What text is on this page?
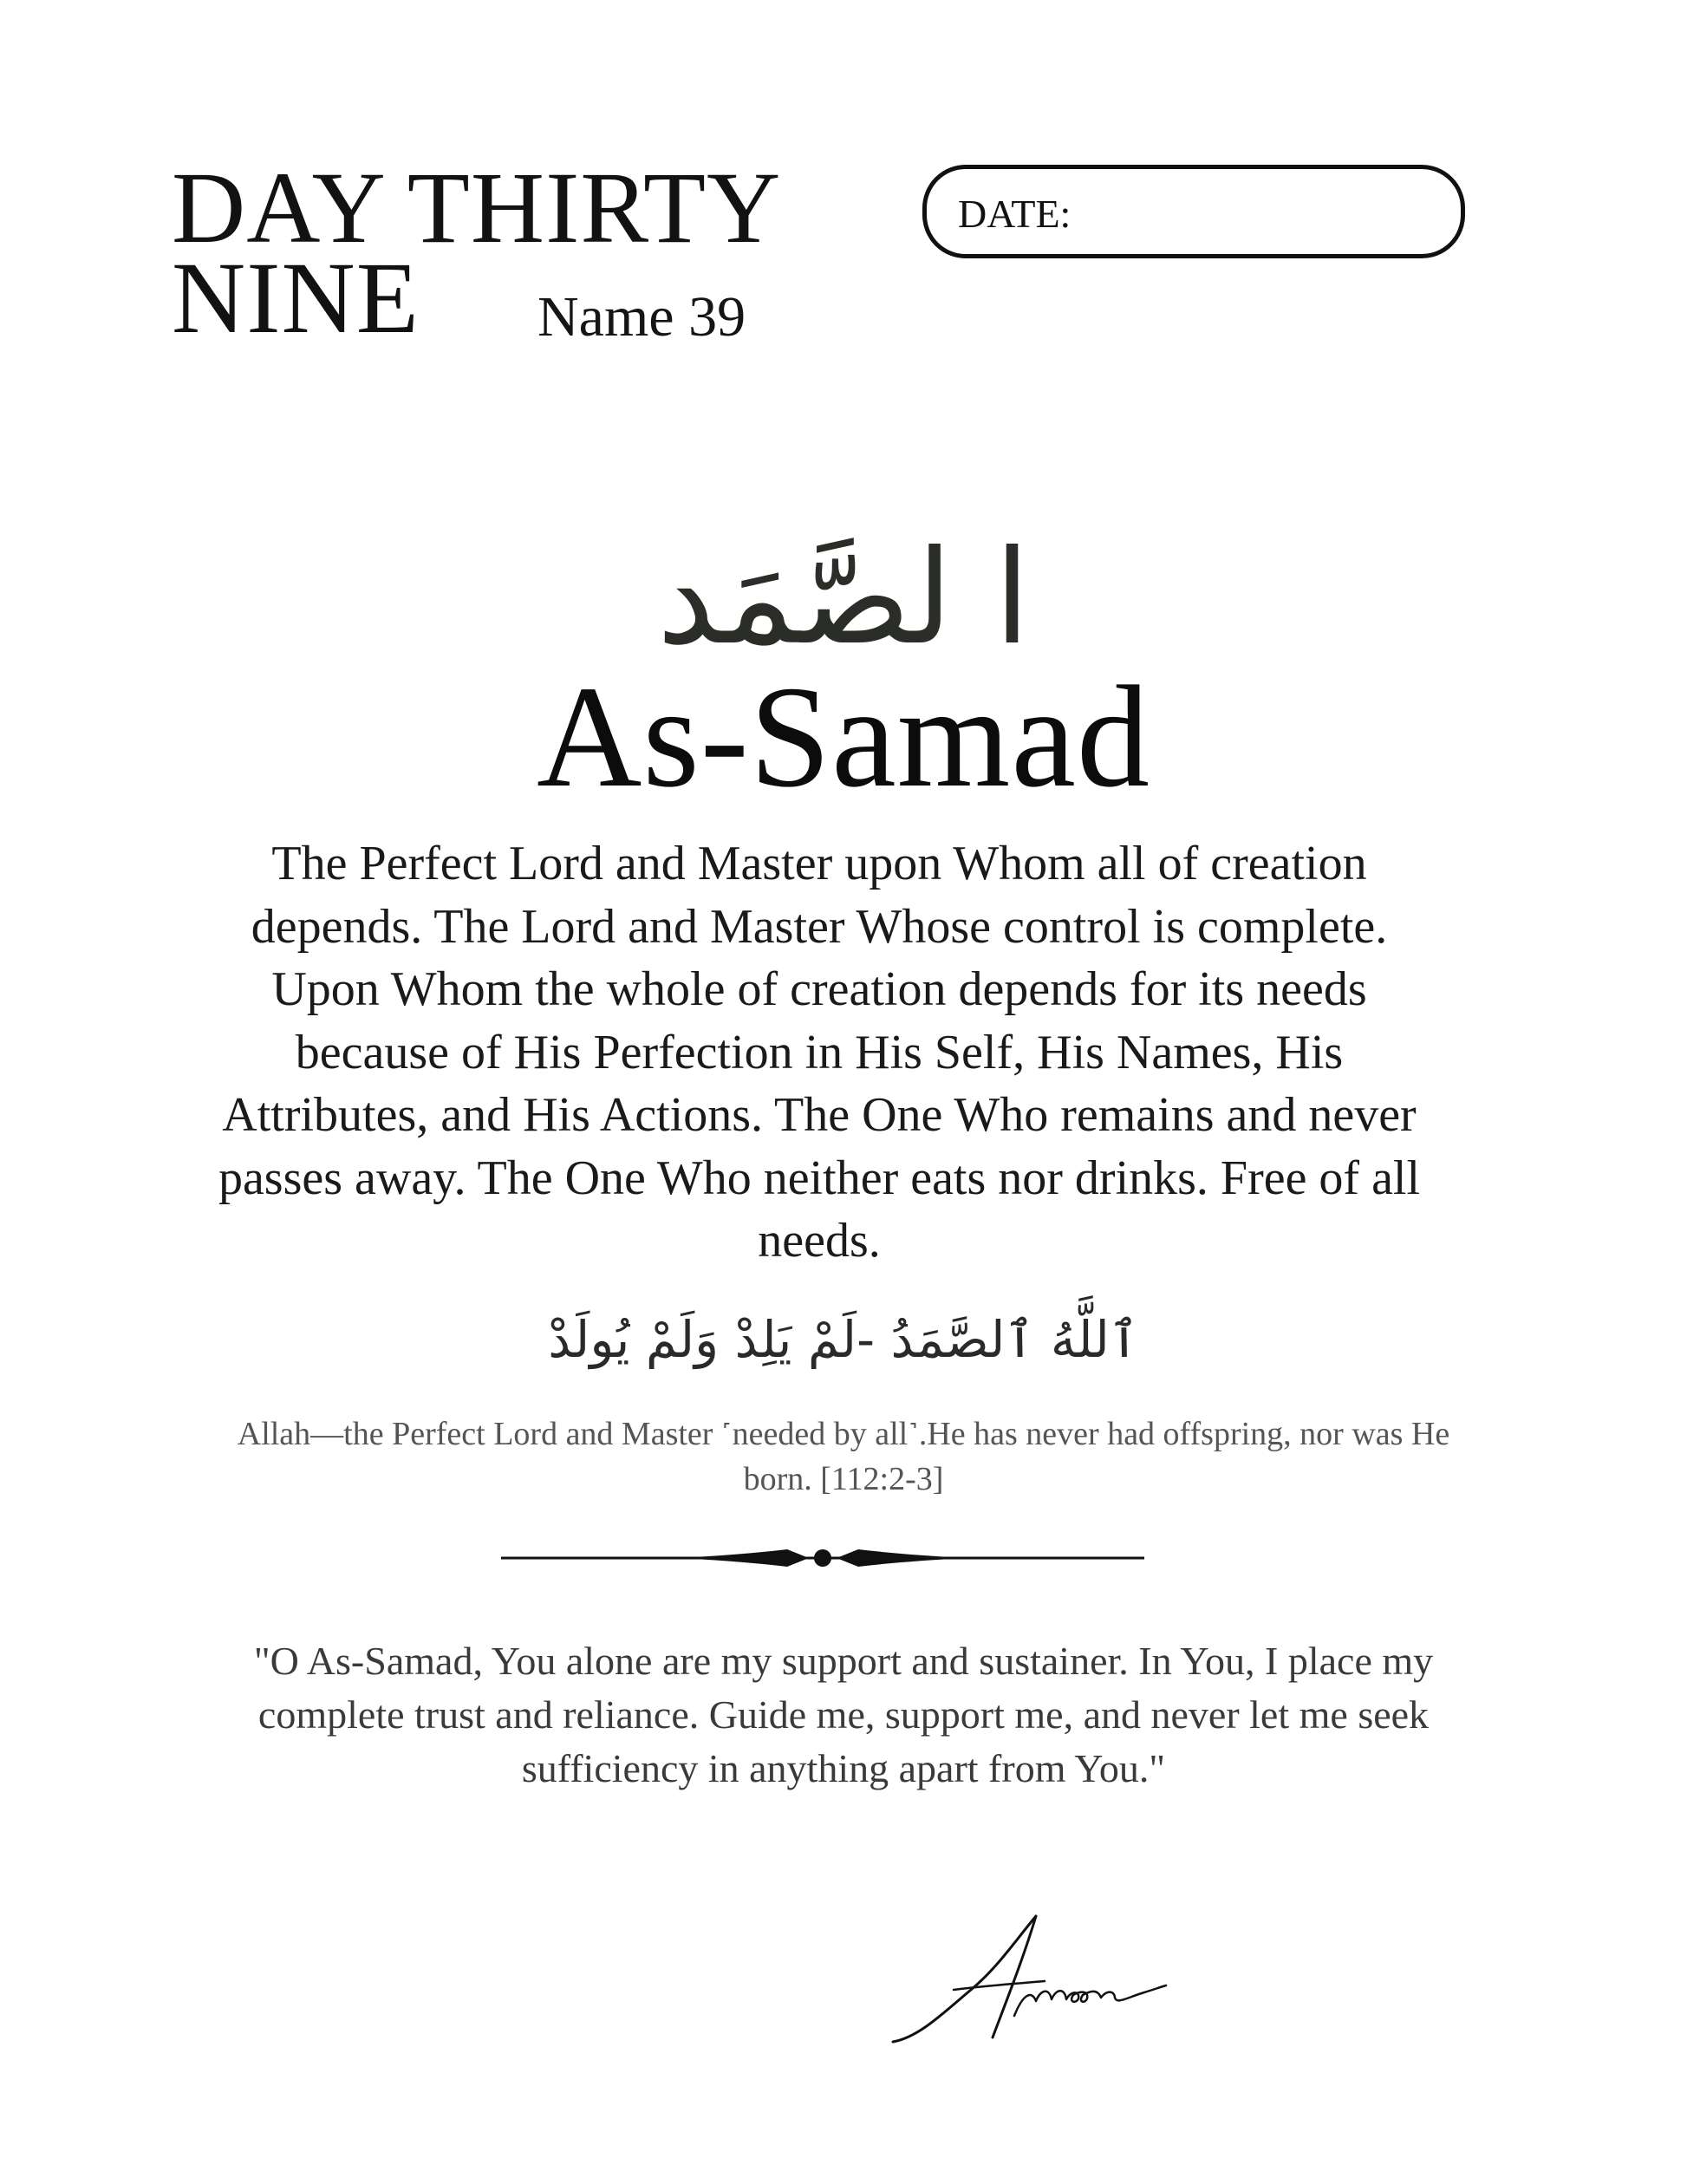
DAY THIRTY
NINE	Name 39
DATE:
ا لصَّمَد
As-Samad

The Perfect Lord and Master upon Whom all of creation depends. The Lord and Master Whose control is complete. Upon Whom the whole of creation depends for its needs because of His Perfection in His Self, His Names, His Attributes, and His Actions. The One Who remains and never passes away. The One Who neither eats nor drinks. Free of all needs.

ٱللَّهُ ٱلصَّمَدُ -لَمْ يَلِدْ وَلَمْ يُولَدْ

Allah—the Perfect Lord and Master ˹needed by all˺.He has never had offspring, nor was He born. [112:2-3]

"O As-Samad, You alone are my support and sustainer. In You, I place my complete trust and reliance. Guide me, support me, and never let me seek sufficiency in anything apart from You."
